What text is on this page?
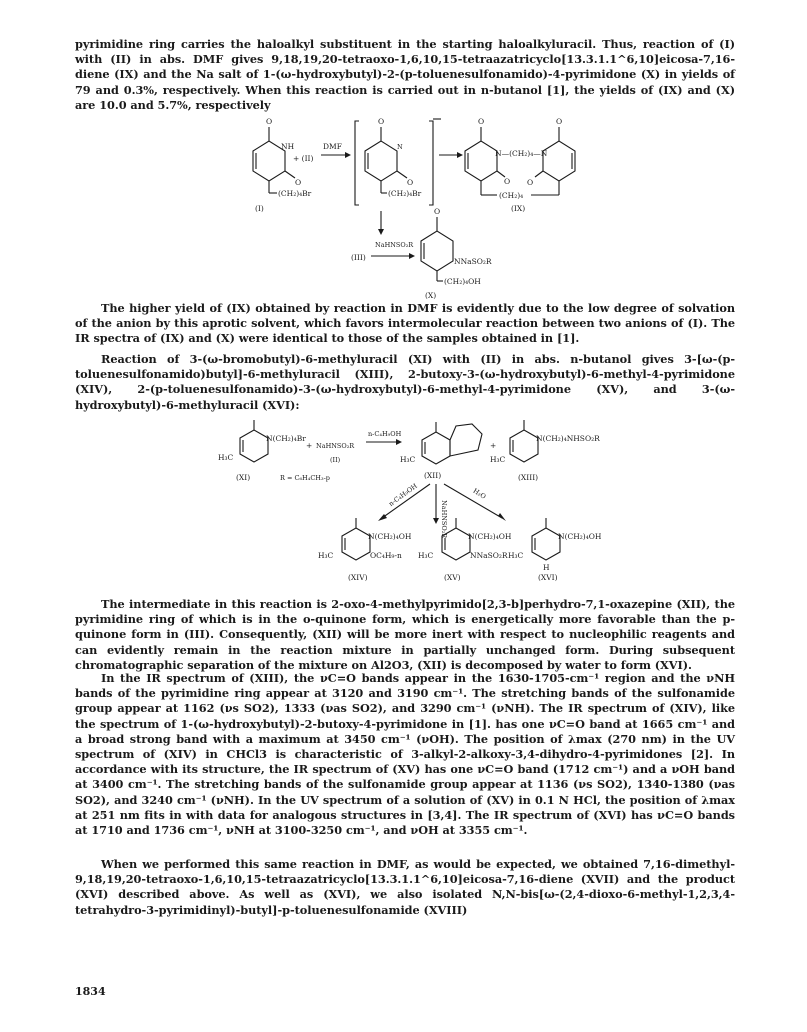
pyrimidine ring carries the haloalkyl substituent in the starting haloalkyluracil. Thus, reaction of (I) with (II) in abs. DMF gives 9,18,19,20-tetraoxo-1,6,10,15-tetraazatricyclo[13.3.1.1^6,10]eicosa-7,16-diene (IX) and the Na salt of 1-(ω-hydroxybutyl)-2-(p-toluenesulfonamido)-4-pyrimidone (X) in yields of 79 and 0.3%, respectively. When this reaction is carried out in n-butanol [1], the yields of (IX) and (X) are 10.0 and 5.7%, respectively

O
NH
O
(CH₂)₄Br
(I)
+ (II)
DMF
O
N
O
(CH₂)₄Br
O
O
N—(CH₂)₄—N
O
O
(CH₂)₄
(IX)
(III)
NaHNSO₂R
O
NNaSO₂R
(CH₂)₄OH
(X)

The higher yield of (IX) obtained by reaction in DMF is evidently due to the low degree of solvation of the anion by this aprotic solvent, which favors intermolecular reaction between two anions of (I). The IR spectra of (IX) and (X) were identical to those of the samples obtained in [1].

Reaction of 3-(ω-bromobutyl)-6-methyluracil (XI) with (II) in abs. n-butanol gives 3-[ω-(p-toluenesulfonamido)butyl]-6-methyluracil (XIII), 2-butoxy-3-(ω-hydroxybutyl)-6-methyl-4-pyrimidone (XIV), 2-(p-toluenesulfonamido)-3-(ω-hydroxybutyl)-6-methyl-4-pyrimidone (XV), and 3-(ω-hydroxybutyl)-6-methyluracil (XVI):

N(CH₂)₄Br
H₃C
(XI)	R = C₆H₄CH₃-p
+ NaHNSO₂R
(II)
n-C₄H₉OH
H₃C
(XII)
+
N(CH₂)₄NHSO₂R
H₃C
(XIII)
n-C₄H₉OH
NaHNSO₂R
H₂O
N(CH₂)₄OH
OC₄H₉-n
H₃C
(XIV)
N(CH₂)₄OH
NNaSO₂R
H₃C
(XV)
N(CH₂)₄OH
H₃C
H
(XVI)

The intermediate in this reaction is 2-oxo-4-methylpyrimido[2,3-b]perhydro-7,1-oxazepine (XII), the pyrimidine ring of which is in the o-quinone form, which is energetically more favorable than the p-quinone form in (III). Consequently, (XII) will be more inert with respect to nucleophilic reagents and can evidently remain in the reaction mixture in partially unchanged form. During subsequent chromatographic separation of the mixture on Al2O3, (XII) is decomposed by water to form (XVI).

In the IR spectrum of (XIII), the νC=O bands appear in the 1630-1705-cm⁻¹ region and the νNH bands of the pyrimidine ring appear at 3120 and 3190 cm⁻¹. The stretching bands of the sulfonamide group appear at 1162 (νs SO2), 1333 (νas SO2), and 3290 cm⁻¹ (νNH). The IR spectrum of (XIV), like the spectrum of 1-(ω-hydroxybutyl)-2-butoxy-4-pyrimidone in [1]. has one νC=O band at 1665 cm⁻¹ and a broad strong band with a maximum at 3450 cm⁻¹ (νOH). The position of λmax (270 nm) in the UV spectrum of (XIV) in CHCl3 is characteristic of 3-alkyl-2-alkoxy-3,4-dihydro-4-pyrimidones [2]. In accordance with its structure, the IR spectrum of (XV) has one νC=O band (1712 cm⁻¹) and a νOH band at 3400 cm⁻¹. The stretching bands of the sulfonamide group appear at 1136 (νs SO2), 1340-1380 (νas SO2), and 3240 cm⁻¹ (νNH). In the UV spectrum of a solution of (XV) in 0.1 N HCl, the position of λmax at 251 nm fits in with data for analogous structures in [3,4]. The IR spectrum of (XVI) has νC=O bands at 1710 and 1736 cm⁻¹, νNH at 3100-3250 cm⁻¹, and νOH at 3355 cm⁻¹.

When we performed this same reaction in DMF, as would be expected, we obtained 7,16-dimethyl-9,18,19,20-tetraoxo-1,6,10,15-tetraazatricyclo[13.3.1.1^6,10]eicosa-7,16-diene (XVII) and the product (XVI) described above. As well as (XVI), we also isolated N,N-bis[ω-(2,4-dioxo-6-methyl-1,2,3,4-tetrahydro-3-pyrimidinyl)-butyl]-p-toluenesulfonamide (XVIII)

1834
